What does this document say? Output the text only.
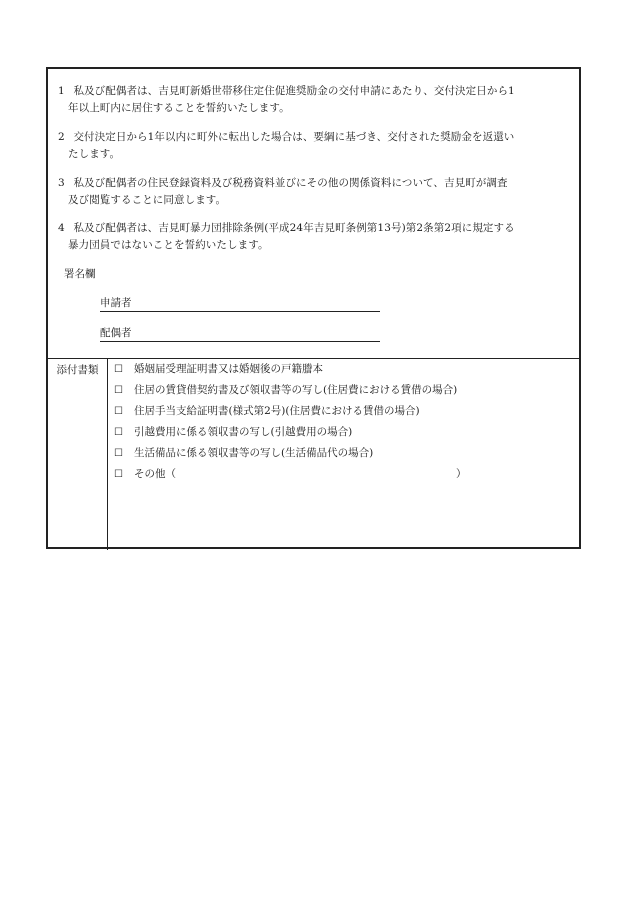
1 私及び配偶者は、吉見町新婚世帯移住定住促進奨励金の交付申請にあたり、交付決定日から1
年以上町内に居住することを誓約いたします。
2 交付決定日から1年以内に町外に転出した場合は、要綱に基づき、交付された奨励金を返還い
たします。
3 私及び配偶者の住民登録資料及び税務資料並びにその他の関係資料について、吉見町が調査
及び閲覧することに同意します。
4 私及び配偶者は、吉見町暴力団排除条例(平成24年吉見町条例第13号)第2条第2項に規定する
暴力団員ではないことを誓約いたします。
署名欄
申請者
配偶者
添付書類	☐ 婚姻届受理証明書又は婚姻後の戸籍謄本
☐ 住居の賃貸借契約書及び領収書等の写し(住居費における賃借の場合)
☐ 住居手当支給証明書(様式第2号)(住居費における賃借の場合)
☐ 引越費用に係る領収書の写し(引越費用の場合)
☐ 生活備品に係る領収書等の写し(生活備品代の場合)
☐ その他（	）
